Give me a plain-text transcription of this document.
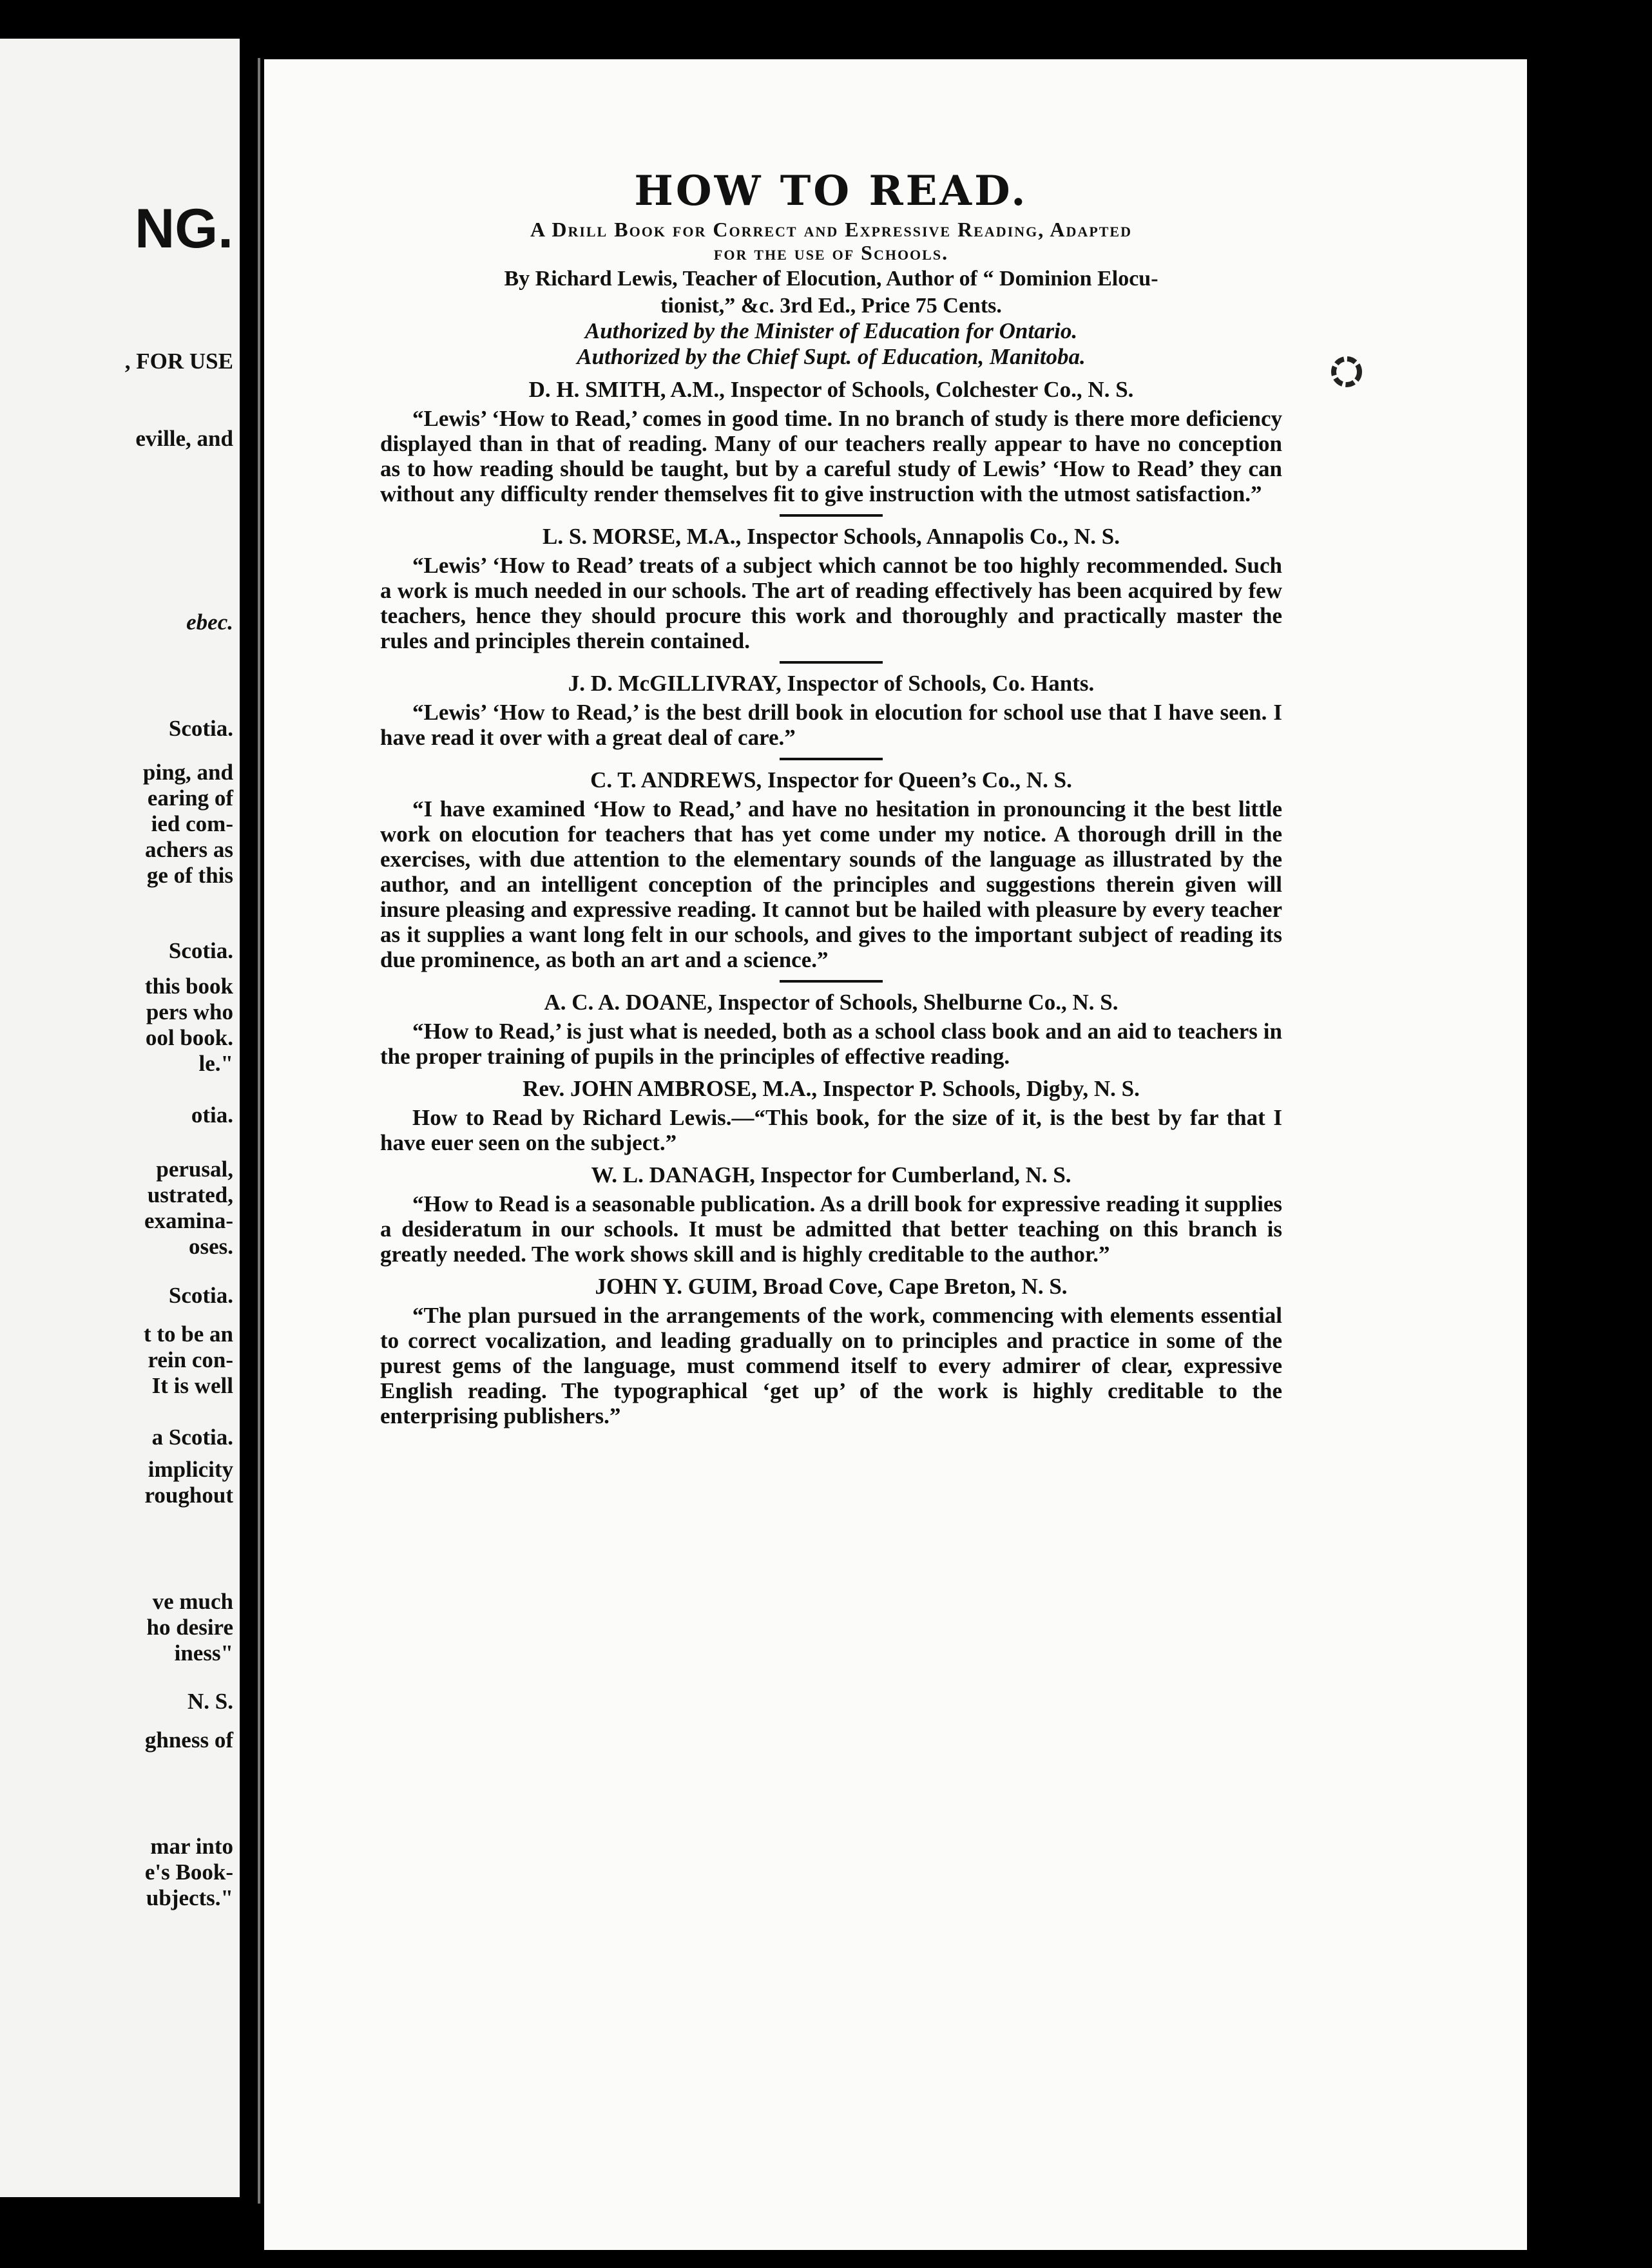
NG.
, FOR USE
eville, and
ebec.
Scotia.
ping, and
earing of
ied com-
achers as
ge of this
Scotia.
this book
pers who
ool book.
le."
otia.
perusal,
ustrated,
examina-
oses.
Scotia.
t to be an
rein con-
It is well
a Scotia.
implicity
roughout
ve much
ho desire
iness"
N. S.
ghness of
mar into
e's Book-
ubjects."
HOW TO READ.
A Drill Book for Correct and Expressive Reading, Adapted
for the use of Schools.
By Richard Lewis, Teacher of Elocution, Author of “ Dominion Elocu-
tionist,” &c. 3rd Ed., Price 75 Cents.
Authorized by the Minister of Education for Ontario.
Authorized by the Chief Supt. of Education, Manitoba.
D. H. SMITH, A.M., Inspector of Schools, Colchester Co., N. S.

“Lewis’ ‘How to Read,’ comes in good time. In no branch of study is there more deficiency displayed than in that of reading. Many of our teachers really appear to have no conception as to how reading should be taught, but by a careful study of Lewis’ ‘How to Read’ they can without any difficulty render themselves fit to give instruction with the utmost satisfaction.”

L. S. MORSE, M.A., Inspector Schools, Annapolis Co., N. S.

“Lewis’ ‘How to Read’ treats of a subject which cannot be too highly recommended. Such a work is much needed in our schools. The art of reading effectively has been acquired by few teachers, hence they should procure this work and thoroughly and practically master the rules and principles therein contained.

J. D. McGILLIVRAY, Inspector of Schools, Co. Hants.

“Lewis’ ‘How to Read,’ is the best drill book in elocution for school use that I have seen. I have read it over with a great deal of care.”

C. T. ANDREWS, Inspector for Queen’s Co., N. S.

“I have examined ‘How to Read,’ and have no hesitation in pronouncing it the best little work on elocution for teachers that has yet come under my notice. A thorough drill in the exercises, with due attention to the elementary sounds of the language as illustrated by the author, and an intelligent conception of the principles and suggestions therein given will insure pleasing and expressive reading. It cannot but be hailed with pleasure by every teacher as it supplies a want long felt in our schools, and gives to the important subject of reading its due prominence, as both an art and a science.”

A. C. A. DOANE, Inspector of Schools, Shelburne Co., N. S.

“How to Read,’ is just what is needed, both as a school class book and an aid to teachers in the proper training of pupils in the principles of effective reading.

Rev. JOHN AMBROSE, M.A., Inspector P. Schools, Digby, N. S.

How to Read by Richard Lewis.—“This book, for the size of it, is the best by far that I have euer seen on the subject.”

W. L. DANAGH, Inspector for Cumberland, N. S.

“How to Read is a seasonable publication. As a drill book for expressive reading it supplies a desideratum in our schools. It must be admitted that better teaching on this branch is greatly needed. The work shows skill and is highly creditable to the author.”

JOHN Y. GUIM, Broad Cove, Cape Breton, N. S.

“The plan pursued in the arrangements of the work, commencing with elements essential to correct vocalization, and leading gradually on to principles and practice in some of the purest gems of the language, must commend itself to every admirer of clear, expressive English reading. The typographical ‘get up’ of the work is highly creditable to the enterprising publishers.”
